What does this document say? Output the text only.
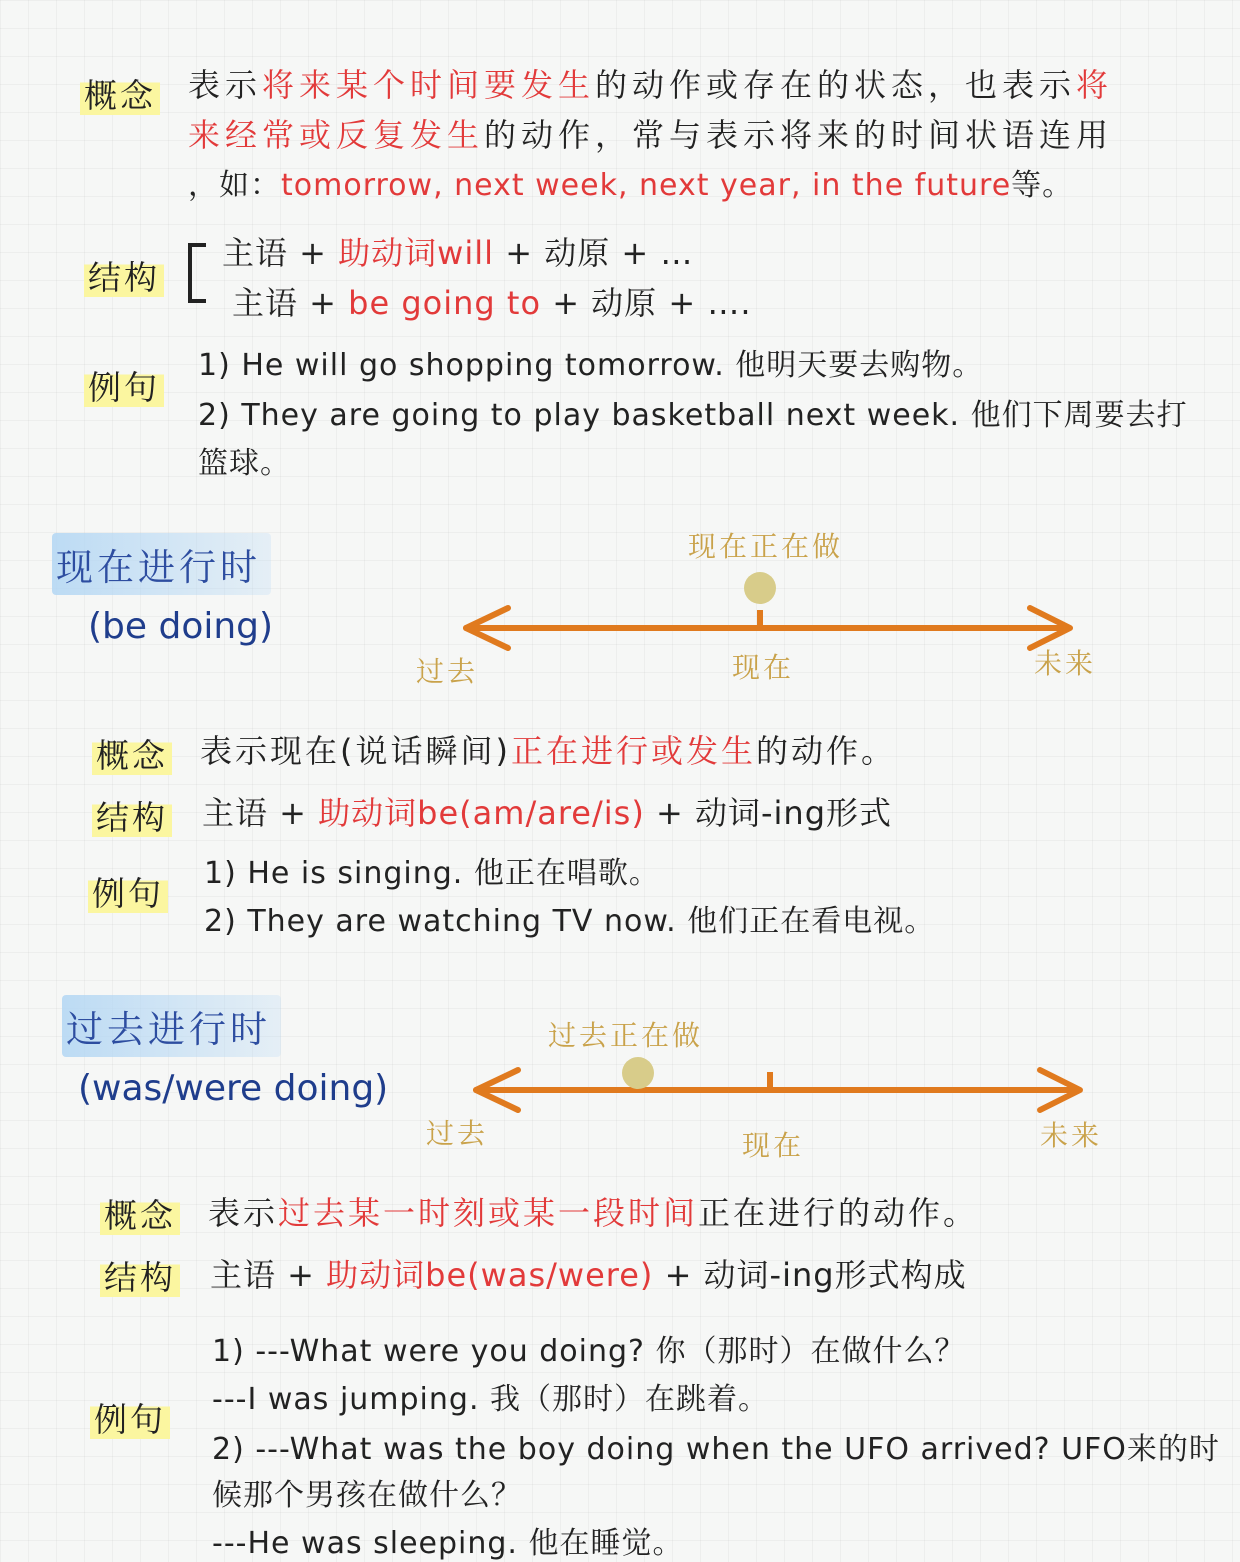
概念 表示将来某个时间要发生的动作或存在的状态，也表示将
来经常或反复发生的动作，常与表示将来的时间状语连用
，如：tomorrow, next week, next year, in the future等。
结构
主语 + 助动词will + 动原 + …
主语 + be going to + 动原 + ….
例句
1) He will go shopping tomorrow. 他明天要去购物。
2) They are going to play basketball next week. 他们下周要去打
篮球。
现在进行时
(be doing)
现在正在做
过去	现在	未来
概念 表示现在(说话瞬间)正在进行或发生的动作。
结构 主语 + 助动词be(am/are/is) + 动词-ing形式
例句
1) He is singing. 他正在唱歌。
2) They are watching TV now. 他们正在看电视。
过去进行时
(was/were doing)
过去正在做
过去	现在	未来
概念 表示过去某一时刻或某一段时间正在进行的动作。
结构 主语 + 助动词be(was/were) + 动词-ing形式构成
例句
1) ---What were you doing? 你（那时）在做什么？
---I was jumping. 我（那时）在跳着。
2) ---What was the boy doing when the UFO arrived? UFO来的时
候那个男孩在做什么？
---He was sleeping. 他在睡觉。
